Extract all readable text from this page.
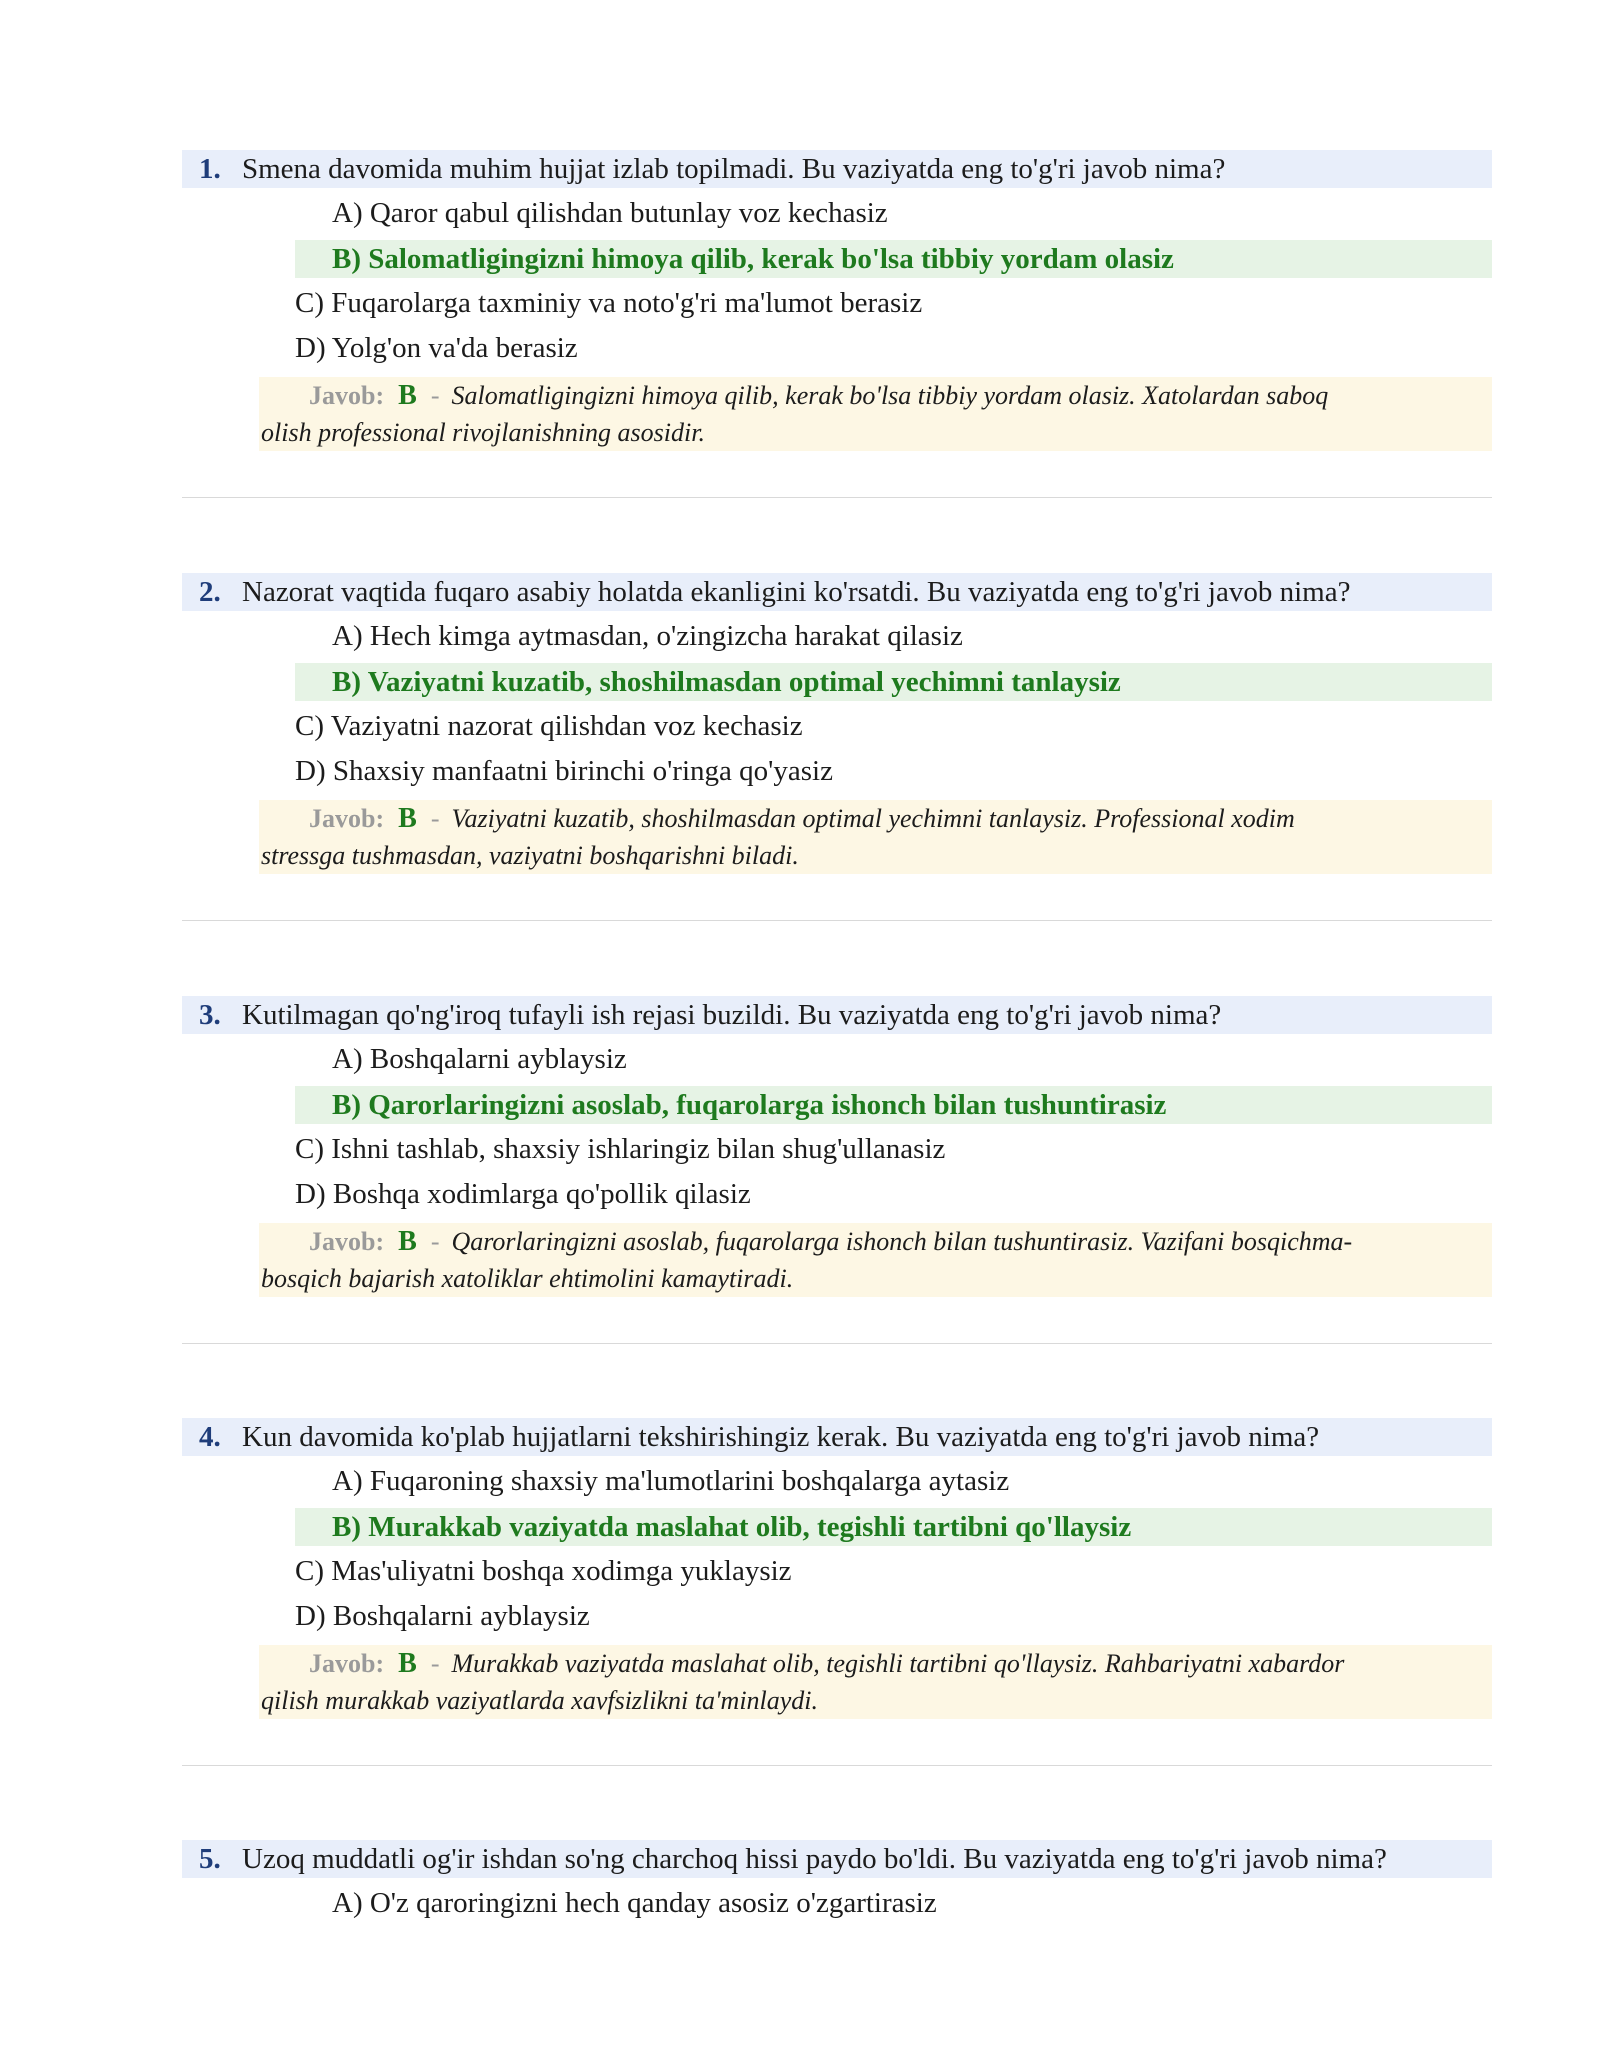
1. Smena davomida muhim hujjat izlab topilmadi. Bu vaziyatda eng to'g'ri javob nima?
A) Qaror qabul qilishdan butunlay voz kechasiz
B) Salomatligingizni himoya qilib, kerak bo'lsa tibbiy yordam olasiz
C) Fuqarolarga taxminiy va noto'g'ri ma'lumot berasiz
D) Yolg'on va'da berasiz
Javob: B - Salomatligingizni himoya qilib, kerak bo'lsa tibbiy yordam olasiz. Xatolardan saboq
olish professional rivojlanishning asosidir.
2. Nazorat vaqtida fuqaro asabiy holatda ekanligini ko'rsatdi. Bu vaziyatda eng to'g'ri javob nima?
A) Hech kimga aytmasdan, o'zingizcha harakat qilasiz
B) Vaziyatni kuzatib, shoshilmasdan optimal yechimni tanlaysiz
C) Vaziyatni nazorat qilishdan voz kechasiz
D) Shaxsiy manfaatni birinchi o'ringa qo'yasiz
Javob: B - Vaziyatni kuzatib, shoshilmasdan optimal yechimni tanlaysiz. Professional xodim
stressga tushmasdan, vaziyatni boshqarishni biladi.
3. Kutilmagan qo'ng'iroq tufayli ish rejasi buzildi. Bu vaziyatda eng to'g'ri javob nima?
A) Boshqalarni ayblaysiz
B) Qarorlaringizni asoslab, fuqarolarga ishonch bilan tushuntirasiz
C) Ishni tashlab, shaxsiy ishlaringiz bilan shug'ullanasiz
D) Boshqa xodimlarga qo'pollik qilasiz
Javob: B - Qarorlaringizni asoslab, fuqarolarga ishonch bilan tushuntirasiz. Vazifani bosqichma-
bosqich bajarish xatoliklar ehtimolini kamaytiradi.
4. Kun davomida ko'plab hujjatlarni tekshirishingiz kerak. Bu vaziyatda eng to'g'ri javob nima?
A) Fuqaroning shaxsiy ma'lumotlarini boshqalarga aytasiz
B) Murakkab vaziyatda maslahat olib, tegishli tartibni qo'llaysiz
C) Mas'uliyatni boshqa xodimga yuklaysiz
D) Boshqalarni ayblaysiz
Javob: B - Murakkab vaziyatda maslahat olib, tegishli tartibni qo'llaysiz. Rahbariyatni xabardor
qilish murakkab vaziyatlarda xavfsizlikni ta'minlaydi.
5. Uzoq muddatli og'ir ishdan so'ng charchoq hissi paydo bo'ldi. Bu vaziyatda eng to'g'ri javob nima?
A) O'z qaroringizni hech qanday asosiz o'zgartirasiz
